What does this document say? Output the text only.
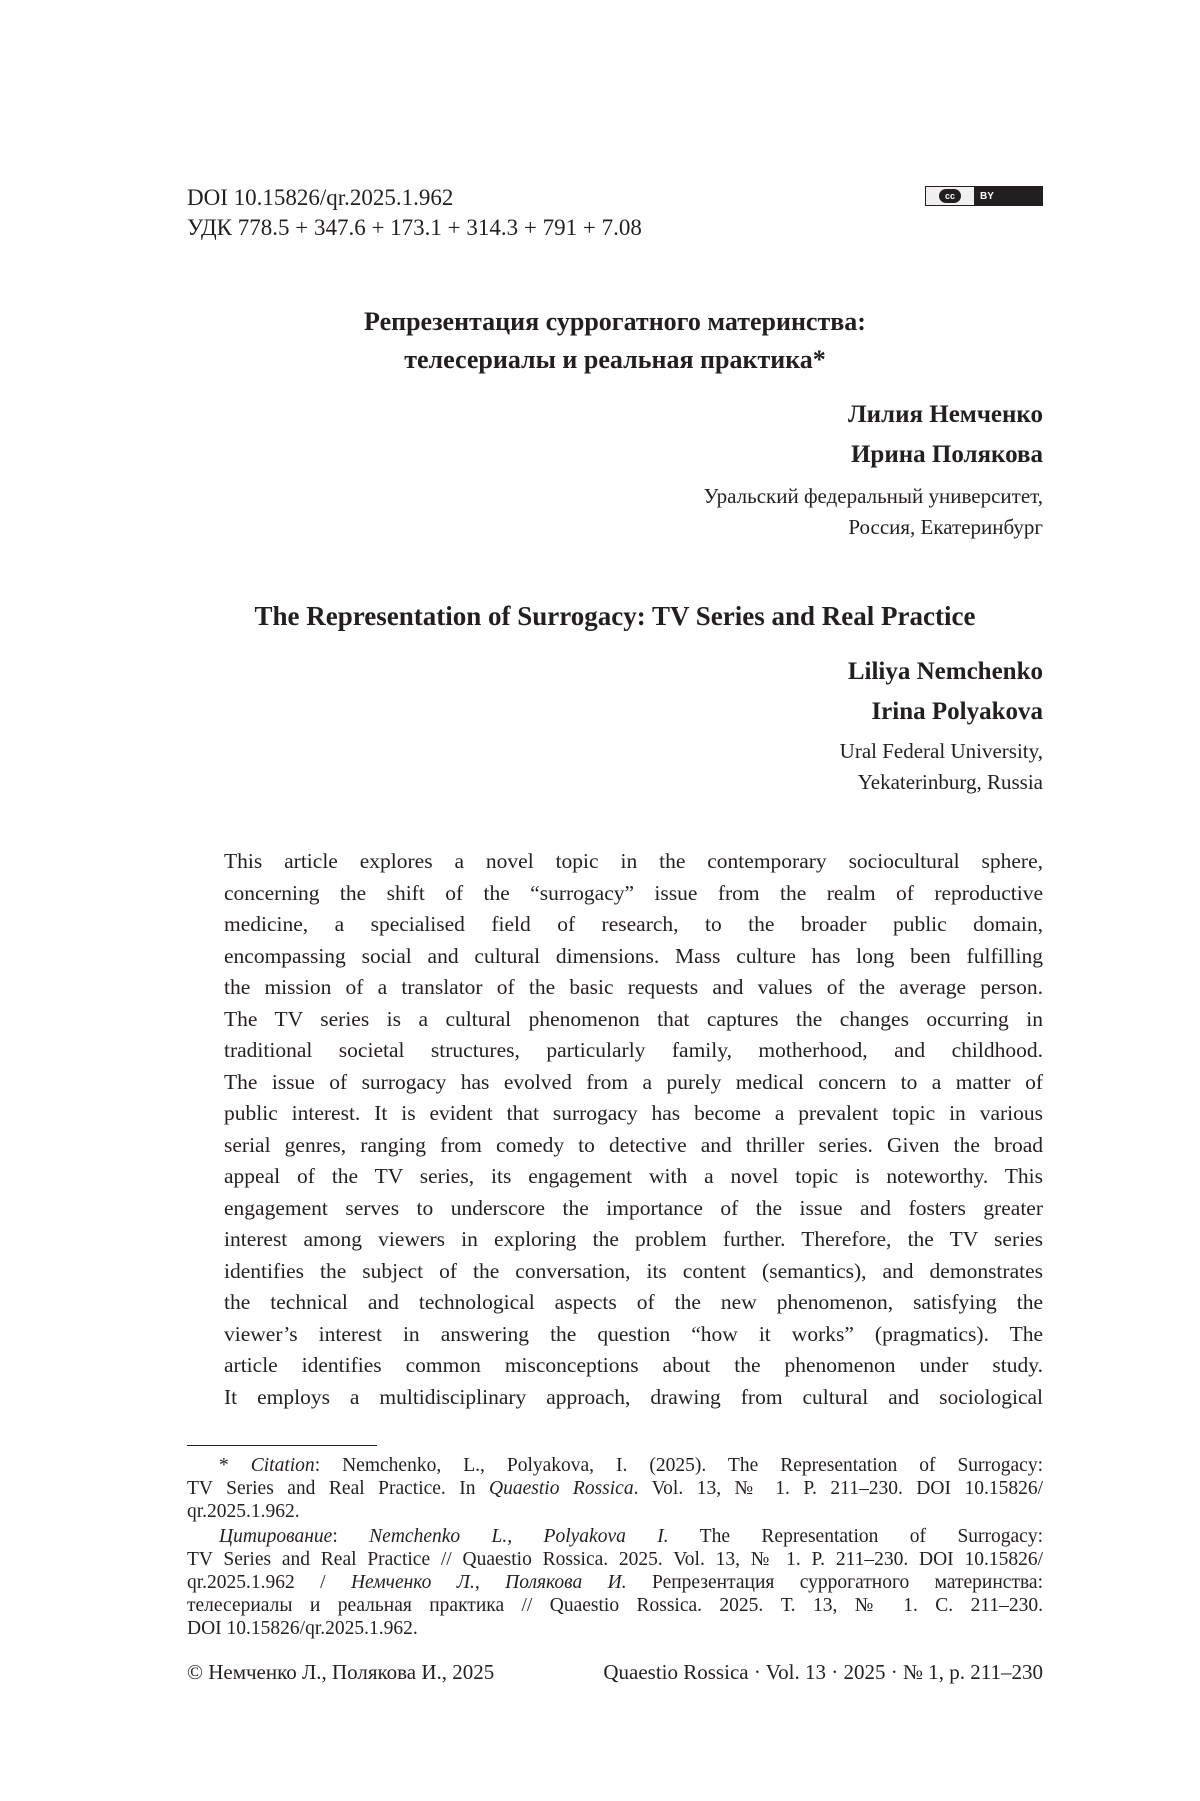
DOI 10.15826/qr.2025.1.962
УДК 778.5 + 347.6 + 173.1 + 314.3 + 791 + 7.08
cc	BY
Репрезентация суррогатного материнства:
телесериалы и реальная практика*
Лилия Немченко
Ирина Полякова
Уральский федеральный университет,
Россия, Екатеринбург
The Representation of Surrogacy: TV Series and Real Practice
Liliya Nemchenko
Irina Polyakova
Ural Federal University,
Yekaterinburg, Russia
This article explores a novel topic in the contemporary sociocultural sphere,
concerning the shift of the “surrogacy” issue from the realm of reproductive
medicine, a specialised field of research, to the broader public domain,
encompassing social and cultural dimensions. Mass culture has long been fulfilling
the mission of a translator of the basic requests and values of the average person.
The TV series is a cultural phenomenon that captures the changes occurring in
traditional societal structures, particularly family, motherhood, and childhood.
The issue of surrogacy has evolved from a purely medical concern to a matter of
public interest. It is evident that surrogacy has become a prevalent topic in various
serial genres, ranging from comedy to detective and thriller series. Given the broad
appeal of the TV series, its engagement with a novel topic is noteworthy. This
engagement serves to underscore the importance of the issue and fosters greater
interest among viewers in exploring the problem further. Therefore, the TV series
identifies the subject of the conversation, its content (semantics), and demonstrates
the technical and technological aspects of the new phenomenon, satisfying the
viewer’s interest in answering the question “how it works” (pragmatics). The
article identifies common misconceptions about the phenomenon under study.
It employs a multidisciplinary approach, drawing from cultural and sociological
* Citation: Nemchenko, L., Polyakova, I. (2025). The Representation of Surrogacy:
TV Series and Real Practice. In Quaestio Rossica. Vol. 13, № 1. P. 211–230. DOI 10.15826/
qr.2025.1.962.
Цитирование: Nemchenko L., Polyakova I. The Representation of Surrogacy:
TV Series and Real Practice // Quaestio Rossica. 2025. Vol. 13, № 1. P. 211–230. DOI 10.15826/
qr.2025.1.962 / Немченко Л., Полякова И. Репрезентация суррогатного материнства:
телесериалы и реальная практика // Quaestio Rossica. 2025. Т. 13, № 1. С. 211–230.
DOI 10.15826/qr.2025.1.962.
© Немченко Л., Полякова И., 2025	Quaestio Rossica · Vol. 13 · 2025 · № 1, p. 211–230
